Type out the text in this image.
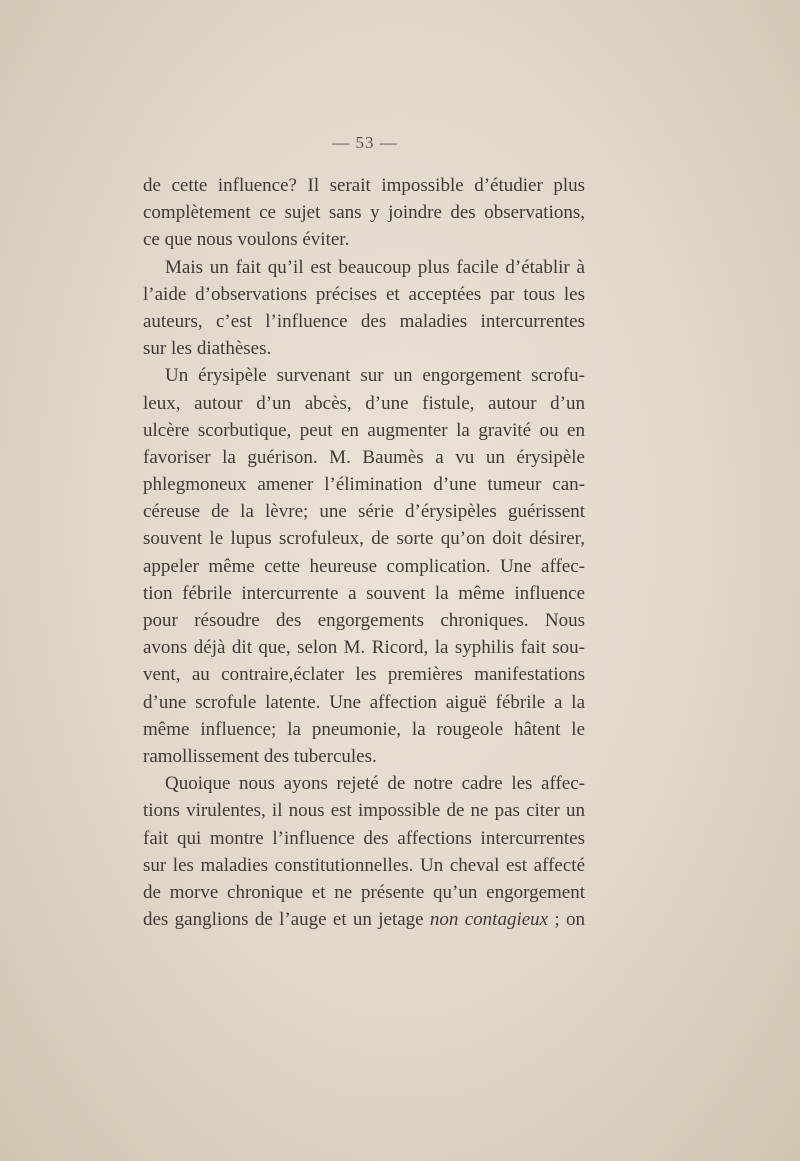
— 53 —
de cette influence? Il serait impossible d’étudier plus
complètement ce sujet sans y joindre des observations,
ce que nous voulons éviter.
Mais un fait qu’il est beaucoup plus facile d’établir à
l’aide d’observations précises et acceptées par tous les
auteurs, c’est l’influence des maladies intercurrentes
sur les diathèses.
Un érysipèle survenant sur un engorgement scrofu-
leux, autour d’un abcès, d’une fistule, autour d’un
ulcère scorbutique, peut en augmenter la gravité ou en
favoriser la guérison. M. Baumès a vu un érysipèle
phlegmoneux amener l’élimination d’une tumeur can-
céreuse de la lèvre; une série d’érysipèles guérissent
souvent le lupus scrofuleux, de sorte qu’on doit désirer,
appeler même cette heureuse complication. Une affec-
tion fébrile intercurrente a souvent la même influence
pour résoudre des engorgements chroniques. Nous
avons déjà dit que, selon M. Ricord, la syphilis fait sou-
vent, au contraire,éclater les premières manifestations
d’une scrofule latente. Une affection aiguë fébrile a la
même influence; la pneumonie, la rougeole hâtent le
ramollissement des tubercules.
Quoique nous ayons rejeté de notre cadre les affec-
tions virulentes, il nous est impossible de ne pas citer un
fait qui montre l’influence des affections intercurrentes
sur les maladies constitutionnelles. Un cheval est affecté
de morve chronique et ne présente qu’un engorgement
des ganglions de l’auge et un jetage non contagieux ; on
